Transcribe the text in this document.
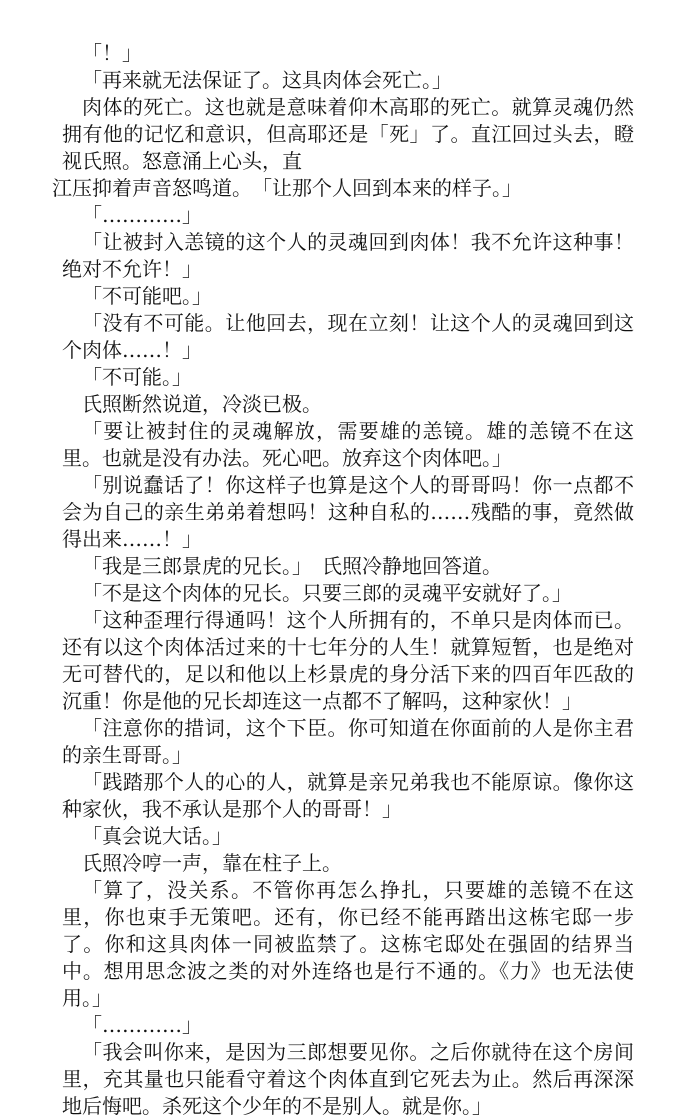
「！」

「再来就无法保证了。这具肉体会死亡。」

肉体的死亡。这也就是意味着仰木高耶的死亡。就算灵魂仍然拥有他的记忆和意识，但高耶还是「死」了。直江回过头去，瞪视氏照。怒意涌上心头，直

江压抑着声音怒鸣道。　「让那个人回到本来的样子。」

「…………」

「让被封入恙镜的这个人的灵魂回到肉体！我不允许这种事！绝对不允许！」

「不可能吧。」

「没有不可能。让他回去，现在立刻！让这个人的灵魂回到这个肉体……！」

「不可能。」

氏照断然说道，冷淡已极。

「要让被封住的灵魂解放，需要雄的恙镜。雄的恙镜不在这里。也就是没有办法。死心吧。放弃这个肉体吧。」

「别说蠢话了！你这样子也算是这个人的哥哥吗！你一点都不会为自己的亲生弟弟着想吗！这种自私的……残酷的事，竟然做得出来……！」

「我是三郎景虎的兄长。」　氏照冷静地回答道。

「不是这个肉体的兄长。只要三郎的灵魂平安就好了。」

「这种歪理行得通吗！这个人所拥有的，不单只是肉体而已。还有以这个肉体活过来的十七年分的人生！就算短暂，也是绝对无可替代的，足以和他以上杉景虎的身分活下来的四百年匹敌的沉重！你是他的兄长却连这一点都不了解吗，这种家伙！」

「注意你的措词，这个下臣。你可知道在你面前的人是你主君的亲生哥哥。」

「践踏那个人的心的人，就算是亲兄弟我也不能原谅。像你这种家伙，我不承认是那个人的哥哥！」

「真会说大话。」

氏照冷哼一声，靠在柱子上。

「算了，没关系。不管你再怎么挣扎，只要雄的恙镜不在这里，你也束手无策吧。还有，你已经不能再踏出这栋宅邸一步了。你和这具肉体一同被监禁了。这栋宅邸处在强固的结界当中。想用思念波之类的对外连络也是行不通的。《力》也无法使用。」

「…………」

「我会叫你来，是因为三郎想要见你。之后你就待在这个房间里，充其量也只能看守着这个肉体直到它死去为止。然后再深深地后悔吧。杀死这个少年的不是别人。就是你。」
